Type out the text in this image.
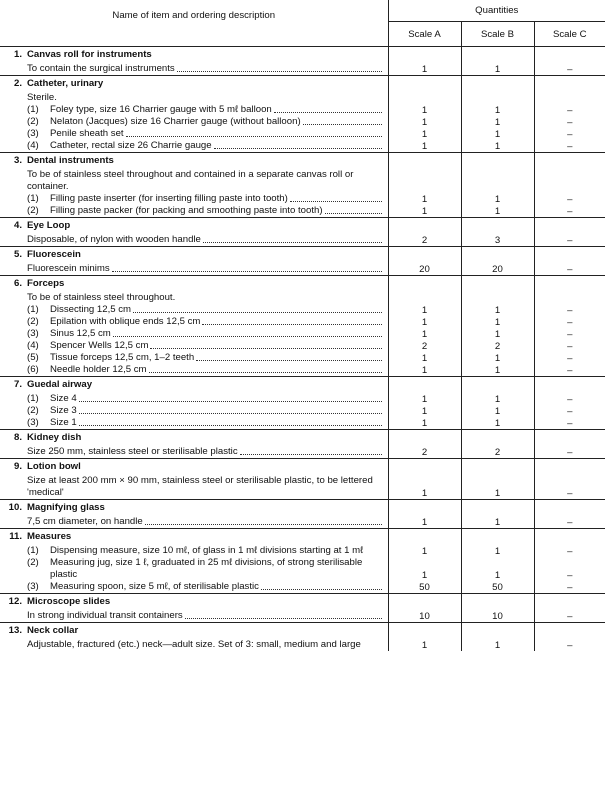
Name of item and ordering description	Quantities		
	Scale A	Scale B	Scale C
1. Canvas roll for instruments			

To contain the surgical instruments	1	1	–
2. Catheter, urinary			

Sterile.			

(1) Foley type, size 16 Charrier gauge with 5 mℓ balloon	1	1	–

(2) Nelaton (Jacques) size 16 Charrier gauge (without balloon)	1	1	–

(3) Penile sheath set	1	1	–

(4) Catheter, rectal size 26 Charrie gauge	1	1	–
3. Dental instruments			

To be of stainless steel throughout and contained in a separate canvas roll or container.			

(1) Filling paste inserter (for inserting filling paste into tooth)	1	1	–

(2) Filling paste packer (for packing and smoothing paste into tooth)	1	1	–
4. Eye Loop			

Disposable, of nylon with wooden handle	2	3	–
5. Fluorescein			

Fluorescein minims	20	20	–
6. Forceps			

To be of stainless steel throughout.			

(1) Dissecting 12,5 cm	1	1	–

(2) Epilation with oblique ends 12,5 cm	1	1	–

(3) Sinus 12,5 cm	1	1	–

(4) Spencer Wells 12,5 cm	2	2	–

(5) Tissue forceps 12,5 cm, 1–2 teeth	1	1	–

(6) Needle holder 12,5 cm	1	1	–
7. Guedal airway			

(1) Size 4	1	1	–

(2) Size 3	1	1	–

(3) Size 1	1	1	–
8. Kidney dish			

Size 250 mm, stainless steel or sterilisable plastic	2	2	–
9. Lotion bowl			

Size at least 200 mm × 90 mm, stainless steel or sterilisable plastic, to be lettered 'medical'	1	1	–
10. Magnifying glass			

7,5 cm diameter, on handle	1	1	–
11. Measures			

(1) Dispensing measure, size 10 mℓ, of glass in 1 mℓ divisions starting at 1 mℓ	1	1	–

(2) Measuring jug, size 1 ℓ, graduated in 25 mℓ divisions, of strong sterilisable plastic	1	1	–

(3) Measuring spoon, size 5 mℓ, of sterilisable plastic	50	50	–
12. Microscope slides			

In strong individual transit containers	10	10	–
13. Neck collar			

Adjustable, fractured (etc.) neck—adult size. Set of 3: small, medium and large	1	1	–
